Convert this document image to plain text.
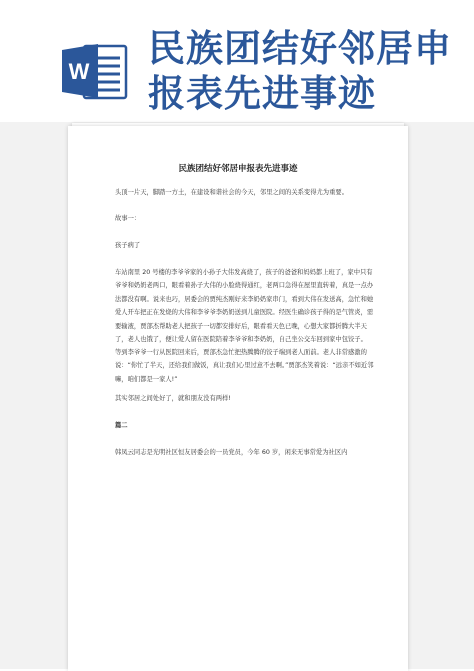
W
民族团结好邻居申
报表先进事迹
民族团结好邻居申报表先进事迹
头顶一片天，脚踏一方土，在建设和谐社会的今天，邻里之间的关系变得尤为重要。
故事一：
孩子病了
车站南里 20 号楼的李爷爷家的小孙子大伟发高烧了，孩子的爸爸和妈妈都上班了，家中只有爷爷和奶奶老两口，眼看着孙子大伟的小脸烧得通红，老两口急得在屋里直转着，真是一点办法都没有啊。说来也巧，居委会的贾纯杰刚好来李奶奶家串门，看到大伟在发送高，急忙和她爱人开车把正在发烧的大伟和李爷爷李奶奶送到儿童医院。经医生确诊孩子得的是气管炎，需要输液，贾部杰帮助老人把孩子一切都安排好后，眼看看天色已晚，心想大家都折腾大半天了，老人也饿了，便让爱人留在医院陪着李爷爷和李奶奶，自己坐公交车回到家中包饺子。
等到李爷爷一行从医院回来后，贾部杰急忙把热腾腾的饺子端到老人面前。老人非常感激的说：“你忙了半天，还给我们做饭，真让我们心里过意不去啊。”贾部杰笑着说：“远亲不如近邻嘛，咱们都是一家人!”
其实邻居之间处好了，就和朋友没有两样!
篇二
韩凤云同志是光明社区恒友居委会的一员党员，今年 60 岁，闲来无事常爱为社区内
